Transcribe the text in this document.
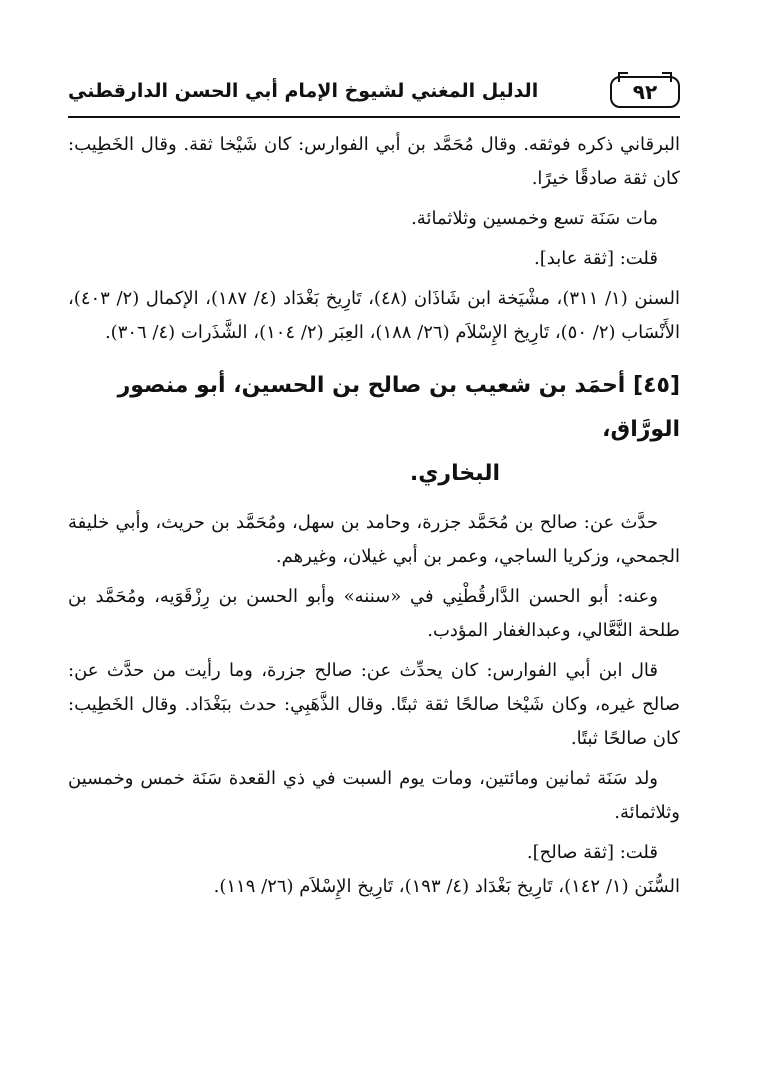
٩٢
الدليل المغني لشيوخ الإمام أبي الحسن الدارقطني

البرقاني ذكره فوثقه. وقال مُحَمَّد بن أبي الفوارس: كان شَيْخا ثقة. وقال الخَطِيب: كان ثقة صادقًا خيرًا.

مات سَنَة تسع وخمسين وثلاثمائة.

قلت: [ثقة عابد].

السنن (١/ ٣١١)، مشْيَخة ابن شَاذَان (٤٨)، تَارِيخ بَغْدَاد (٤/ ١٨٧)، الإكمال (٢/ ٤٠٣)، الأَنْسَاب (٢/ ٥٠)، تَارِيخ الإِسْلاَم (٢٦/ ١٨٨)، العِبَر (٢/ ١٠٤)، الشَّذَرات (٤/ ٣٠٦).

[٤٥] أحمَد بن شعيب بن صالح بن الحسين، أبو منصور الورَّاق،
البخاري.

حدَّث عن: صالح بن مُحَمَّد جزرة، وحامد بن سهل، ومُحَمَّد بن حريث، وأبي خليفة الجمحي، وزكريا الساجي، وعمر بن أبي غيلان، وغيرهم.

وعنه: أبو الحسن الدَّارقُطْنِي في «سننه» وأبو الحسن بن رِزْقَوَيه، ومُحَمَّد بن طلحة النَّعَّالي، وعبدالغفار المؤدب.

قال ابن أبي الفوارس: كان يحدِّث عن: صالح جزرة، وما رأيت من حدَّث عن: صالح غيره، وكان شَيْخا صالحًا ثقة ثبتًا. وقال الذَّهَبِي: حدث ببَغْدَاد. وقال الخَطِيب: كان صالحًا ثبتًا.

ولد سَنَة ثمانين ومائتين، ومات يوم السبت في ذي القعدة سَنَة خمس وخمسين وثلاثمائة.

قلت: [ثقة صالح].

السُّنَن (١/ ١٤٢)، تَارِيخ بَغْدَاد (٤/ ١٩٣)، تَارِيخ الإِسْلاَم (٢٦/ ١١٩).
